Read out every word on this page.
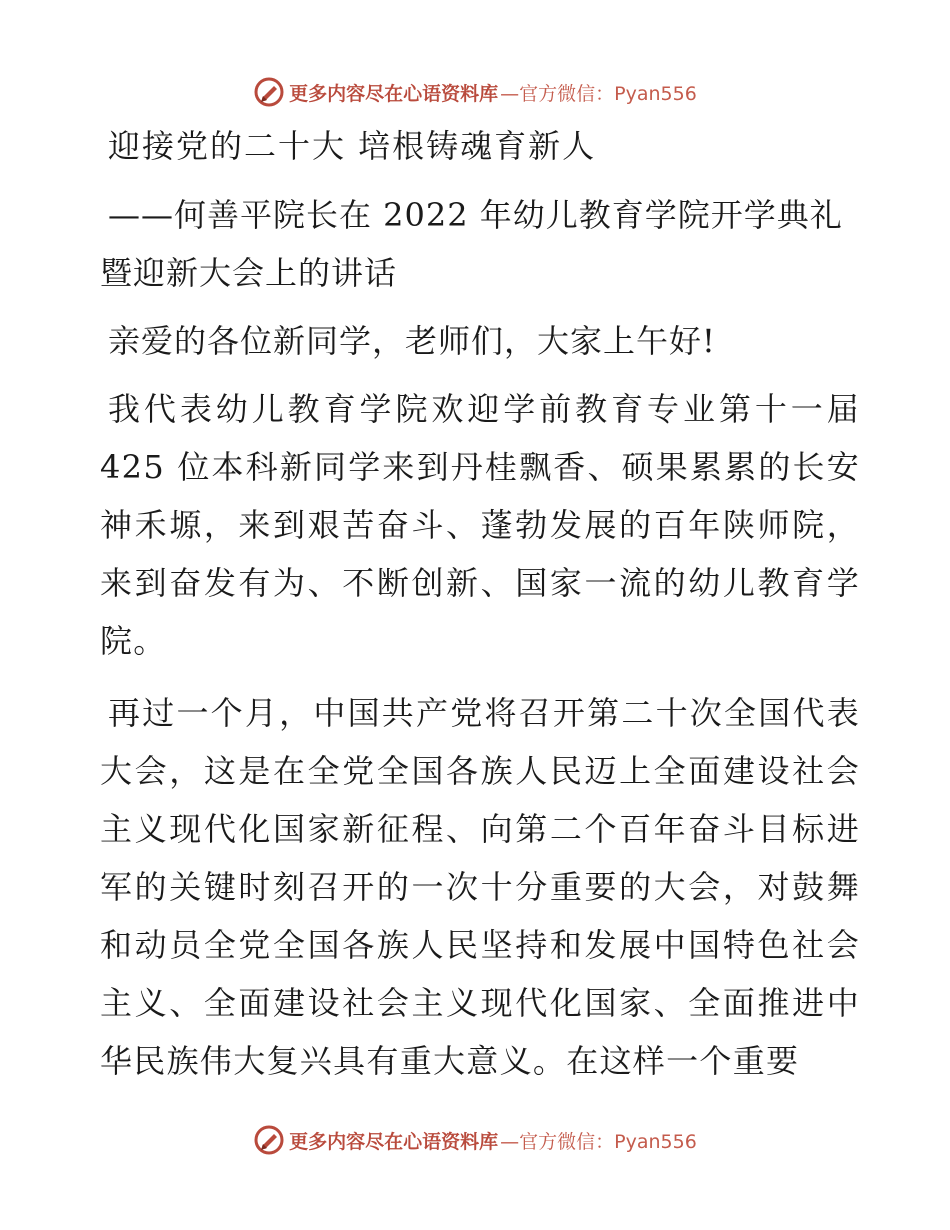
更多内容尽在心语资料库 —官方微信：Pyan556
迎接党的二十大 培根铸魂育新人
——何善平院长在 2022 年幼儿教育学院开学典礼暨迎新大会上的讲话
亲爱的各位新同学，老师们，大家上午好!
我代表幼儿教育学院欢迎学前教育专业第十一届 425 位本科新同学来到丹桂飘香、硕果累累的长安神禾塬，来到艰苦奋斗、蓬勃发展的百年陕师院，来到奋发有为、不断创新、国家一流的幼儿教育学院。
再过一个月，中国共产党将召开第二十次全国代表大会，这是在全党全国各族人民迈上全面建设社会主义现代化国家新征程、向第二个百年奋斗目标进军的关键时刻召开的一次十分重要的大会，对鼓舞和动员全党全国各族人民坚持和发展中国特色社会主义、全面建设社会主义现代化国家、全面推进中华民族伟大复兴具有重大意义。在这样一个重要
更多内容尽在心语资料库 —官方微信：Pyan556
